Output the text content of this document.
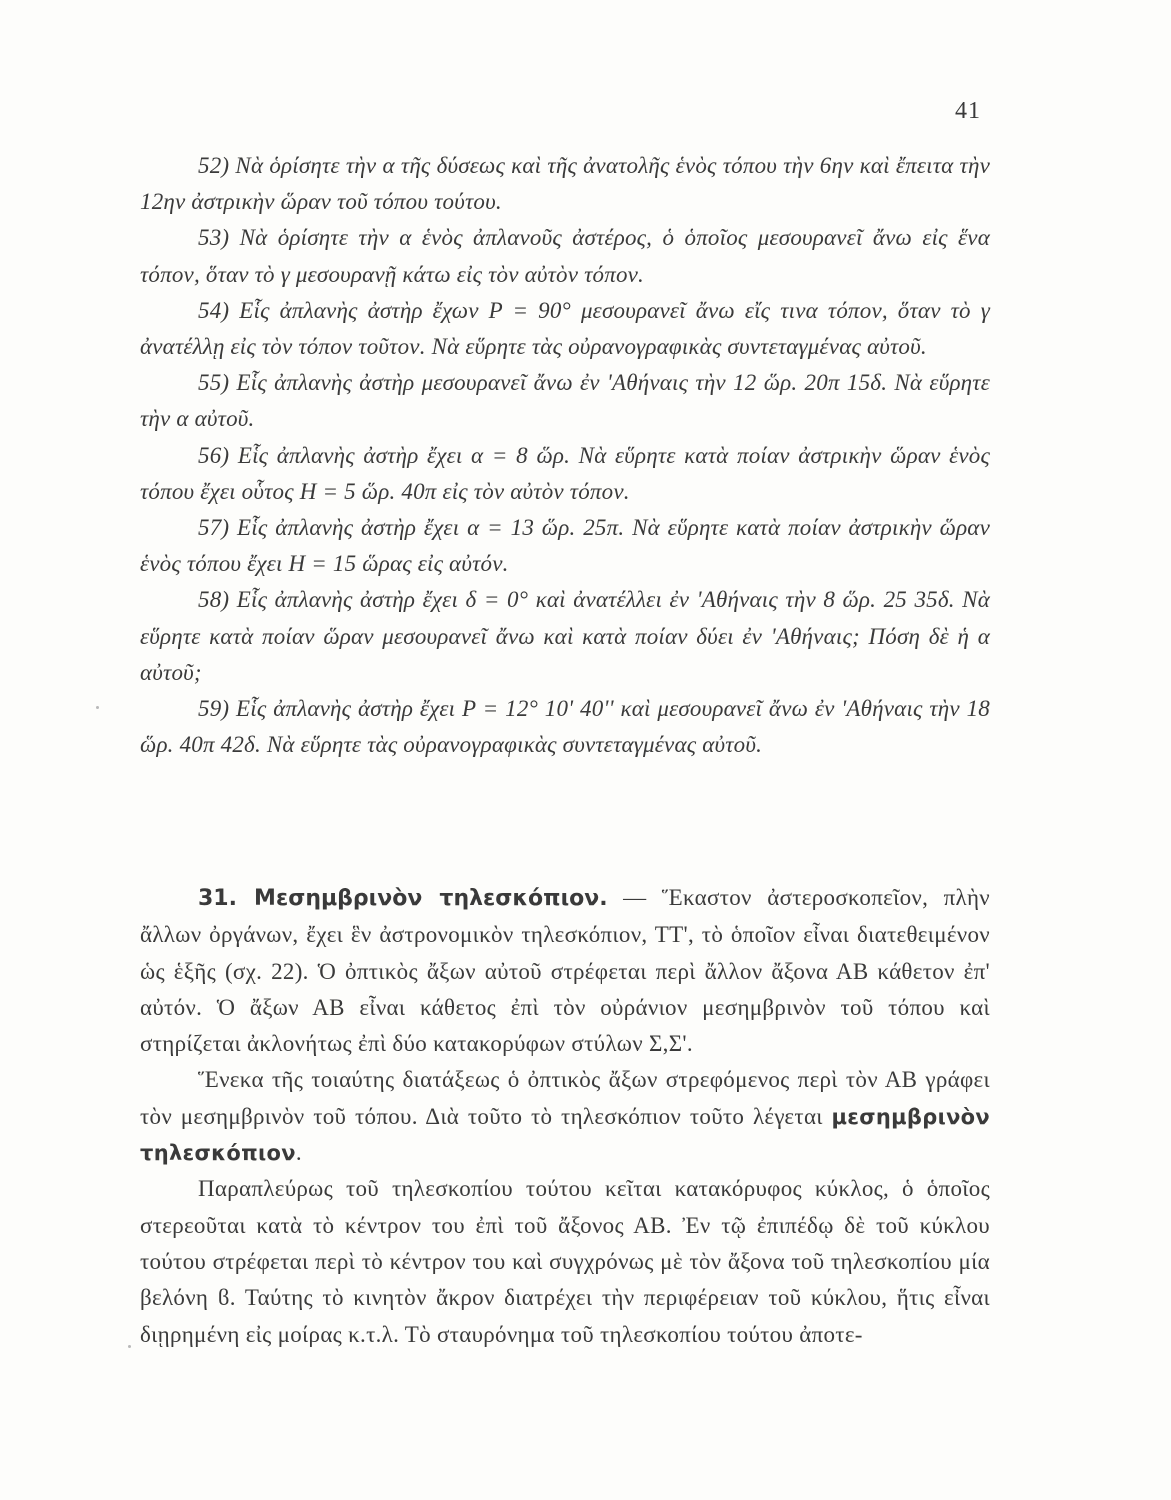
41

52) Νὰ ὁρίσητε τὴν α τῆς δύσεως καὶ τῆς ἀνατολῆς ἑνὸς τόπου τὴν 6ην καὶ ἔπειτα τὴν 12ην ἀστρικὴν ὥραν τοῦ τόπου τούτου.

53) Νὰ ὁρίσητε τὴν α ἑνὸς ἀπλανοῦς ἀστέρος, ὁ ὁποῖος μεσουρανεῖ ἄνω εἰς ἕνα τόπον, ὅταν τὸ γ μεσουρανῇ κάτω εἰς τὸν αὐτὸν τόπον.

54) Εἷς ἀπλανὴς ἀστὴρ ἔχων P = 90° μεσουρανεῖ ἄνω εἴς τινα τόπον, ὅταν τὸ γ ἀνατέλλῃ εἰς τὸν τόπον τοῦτον. Νὰ εὕρητε τὰς οὐρανογραφικὰς συντεταγμένας αὐτοῦ.

55) Εἷς ἀπλανὴς ἀστὴρ μεσουρανεῖ ἄνω ἐν 'Αθήναις τὴν 12 ὥρ. 20π 15δ. Νὰ εὕρητε τὴν α αὐτοῦ.

56) Εἷς ἀπλανὴς ἀστὴρ ἔχει α = 8 ὥρ. Νὰ εὕρητε κατὰ ποίαν ἀστρικὴν ὥραν ἑνὸς τόπου ἔχει οὗτος H = 5 ὥρ. 40π εἰς τὸν αὐτὸν τόπον.

57) Εἷς ἀπλανὴς ἀστὴρ ἔχει α = 13 ὥρ. 25π. Νὰ εὕρητε κατὰ ποίαν ἀστρικὴν ὥραν ἑνὸς τόπου ἔχει H = 15 ὥρας εἰς αὐτόν.

58) Εἷς ἀπλανὴς ἀστὴρ ἔχει δ = 0° καὶ ἀνατέλλει ἐν 'Αθήναις τὴν 8 ὥρ. 25 35δ. Νὰ εὕρητε κατὰ ποίαν ὥραν μεσουρανεῖ ἄνω καὶ κατὰ ποίαν δύει ἐν 'Αθήναις; Πόση δὲ ἡ α αὐτοῦ;

59) Εἷς ἀπλανὴς ἀστὴρ ἔχει P = 12° 10' 40'' καὶ μεσουρανεῖ ἄνω ἐν 'Αθήναις τὴν 18 ὥρ. 40π 42δ. Νὰ εὕρητε τὰς οὐρανογραφικὰς συντεταγμένας αὐτοῦ.

31. Μεσημβρινὸν τηλεσκόπιον. — Ἕκαστον ἀστεροσκοπεῖον, πλὴν ἄλλων ὀργάνων, ἔχει ἓν ἀστρονομικὸν τηλεσκόπιον, ΤΤ', τὸ ὁποῖον εἶναι διατεθειμένον ὡς ἑξῆς (σχ. 22). Ὁ ὀπτικὸς ἄξων αὐτοῦ στρέφεται περὶ ἄλλον ἄξονα ΑΒ κάθετον ἐπ' αὐτόν. Ὁ ἄξων ΑΒ εἶναι κάθετος ἐπὶ τὸν οὐράνιον μεσημβρινὸν τοῦ τόπου καὶ στηρίζεται ἀκλονήτως ἐπὶ δύο κατακορύφων στύλων Σ,Σ'.

Ἕνεκα τῆς τοιαύτης διατάξεως ὁ ὀπτικὸς ἄξων στρεφόμενος περὶ τὸν ΑΒ γράφει τὸν μεσημβρινὸν τοῦ τόπου. Διὰ τοῦτο τὸ τηλεσκόπιον τοῦτο λέγεται μεσημβρινὸν τηλεσκόπιον.

Παραπλεύρως τοῦ τηλεσκοπίου τούτου κεῖται κατακόρυφος κύκλος, ὁ ὁποῖος στερεοῦται κατὰ τὸ κέντρον του ἐπὶ τοῦ ἄξονος ΑΒ. Ἐν τῷ ἐπιπέδῳ δὲ τοῦ κύκλου τούτου στρέφεται περὶ τὸ κέντρον του καὶ συγχρόνως μὲ τὸν ἄξονα τοῦ τηλεσκοπίου μία βελόνη ϐ. Ταύτης τὸ κινητὸν ἄκρον διατρέχει τὴν περιφέρειαν τοῦ κύκλου, ἥτις εἶναι διῃρημένη εἰς μοίρας κ.τ.λ. Τὸ σταυρόνημα τοῦ τηλεσκοπίου τούτου ἀποτε-
